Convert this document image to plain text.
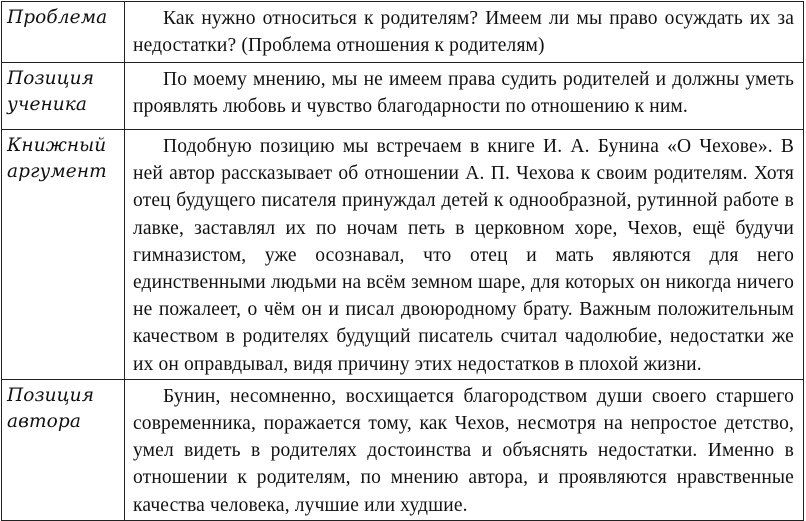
Проблема	Как нужно относиться к родителям? Имеем ли мы право осуждать их за недостатки? (Проблема отношения к родителям)
Позиция ученика	По моему мнению, мы не имеем права судить родителей и должны уметь проявлять любовь и чувство благодарности по отношению к ним.
Книжный аргумент	Подобную позицию мы встречаем в книге И. А. Бунина «О Чехове». В ней автор рассказывает об отношении А. П. Чехова к своим родителям. Хотя отец будущего писателя принуждал детей к однообразной, рутинной работе в лавке, заставлял их по ночам петь в церковном хоре, Чехов, ещё будучи гимназистом, уже осознавал, что отец и мать являются для него единственными людьми на всём земном шаре, для которых он никогда ничего не пожалеет, о чём он и писал двоюродному брату. Важным положительным качеством в родителях будущий писатель считал чадолюбие, недостатки же их он оправдывал, видя причину этих недостатков в плохой жизни.
Позиция автора	Бунин, несомненно, восхищается благородством души своего старшего современника, поражается тому, как Чехов, несмотря на непростое детство, умел видеть в родителях достоинства и объяснять недостатки. Именно в отношении к родителям, по мнению автора, и проявляются нравственные качества человека, лучшие или худшие.
